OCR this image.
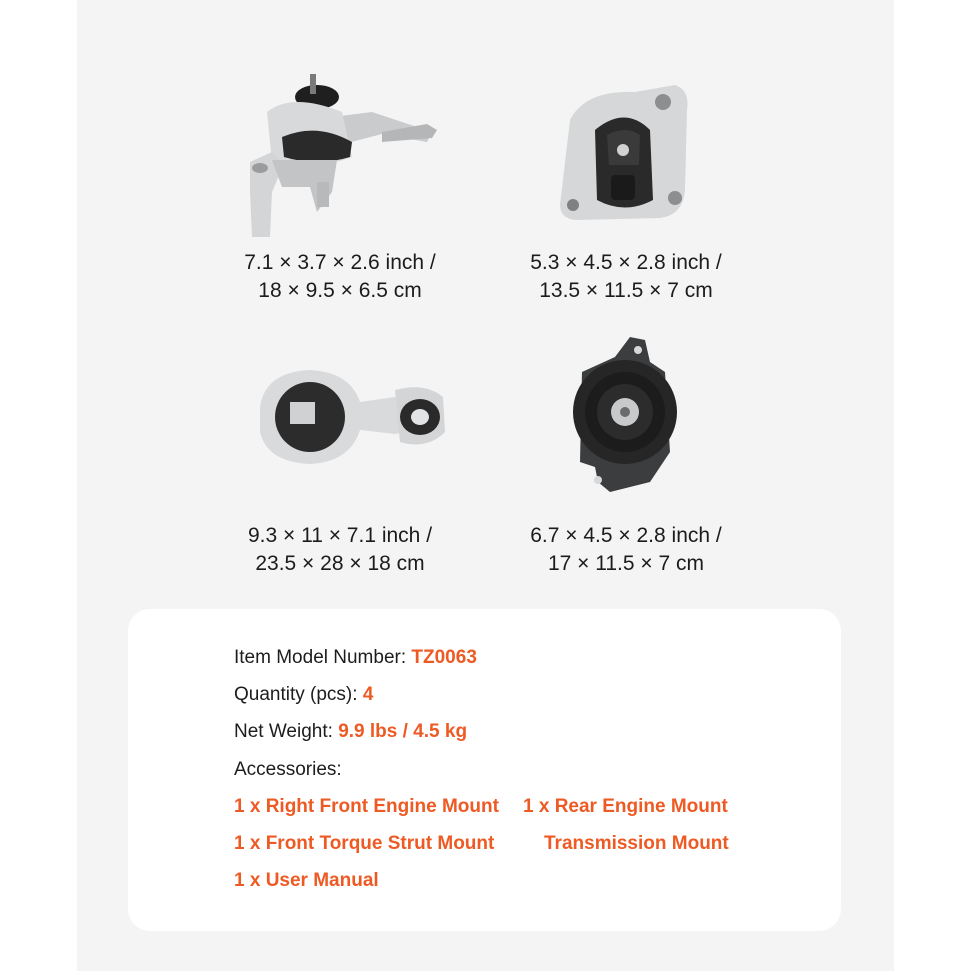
7.1 × 3.7 × 2.6 inch /
18 × 9.5 × 6.5 cm
5.3 × 4.5 × 2.8 inch /
13.5 × 11.5 × 7 cm
9.3 × 11 × 7.1 inch /
23.5 × 28 × 18 cm
6.7 × 4.5 × 2.8 inch /
17 × 11.5 × 7 cm
Item Model Number: TZ0063
Quantity (pcs): 4
Net Weight: 9.9 lbs / 4.5 kg
Accessories:
1 x Right Front Engine Mount 1 x Rear Engine Mount
1 x Front Torque Strut Mount	Transmission Mount
1 x User Manual
